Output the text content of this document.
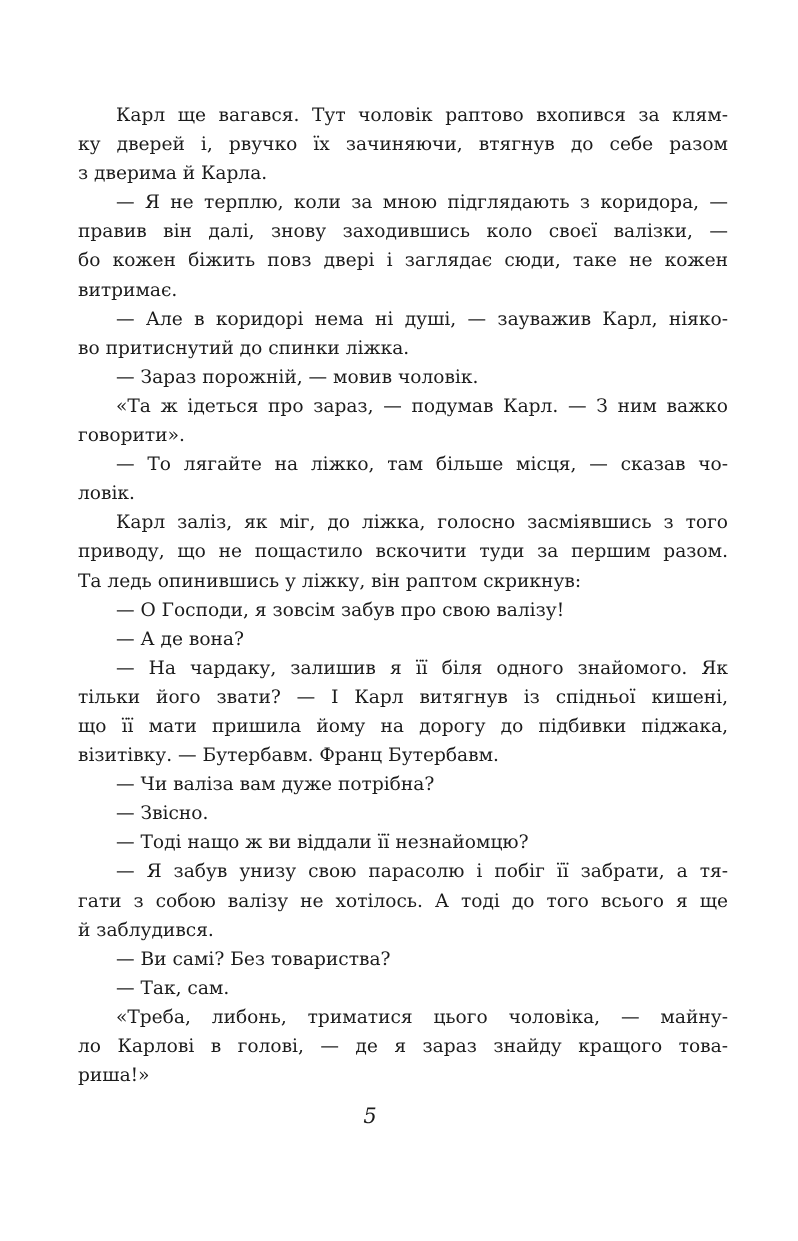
Карл ще вагався. Тут чоловік раптово вхопився за клям-
ку дверей і, рвучко їх зачиняючи, втягнув до себе разом
з дверима й Карла.
— Я не терплю, коли за мною підглядають з коридора, —
правив він далі, знову заходившись коло своєї валізки, —
бо кожен біжить повз двері і заглядає сюди, таке не кожен
витримає.
— Але в коридорі нема ні душі, — зауважив Карл, ніяко-
во притиснутий до спинки ліжка.
— Зараз порожній, — мовив чоловік.
«Та ж ідеться про зараз, — подумав Карл. — З ним важко
говорити».
— То лягайте на ліжко, там більше місця, — сказав чо-
ловік.
Карл заліз, як міг, до ліжка, голосно засміявшись з того
приводу, що не пощастило вскочити туди за першим разом.
Та ледь опинившись у ліжку, він раптом скрикнув:
— О Господи, я зовсім забув про свою валізу!
— А де вона?
— На чардаку, залишив я її біля одного знайомого. Як
тільки його звати? — І Карл витягнув із спідньої кишені,
що її мати пришила йому на дорогу до підбивки піджака,
візитівку. — Бутербавм. Франц Бутербавм.
— Чи валіза вам дуже потрібна?
— Звісно.
— Тоді нащо ж ви віддали її незнайомцю?
— Я забув унизу свою парасолю і побіг її забрати, а тя-
гати з собою валізу не хотілось. А тоді до того всього я ще
й заблудився.
— Ви самі? Без товариства?
— Так, сам.
«Треба, либонь, триматися цього чоловіка, — майну-
ло Карлові в голові, — де я зараз знайду кращого това-
риша!»
5
